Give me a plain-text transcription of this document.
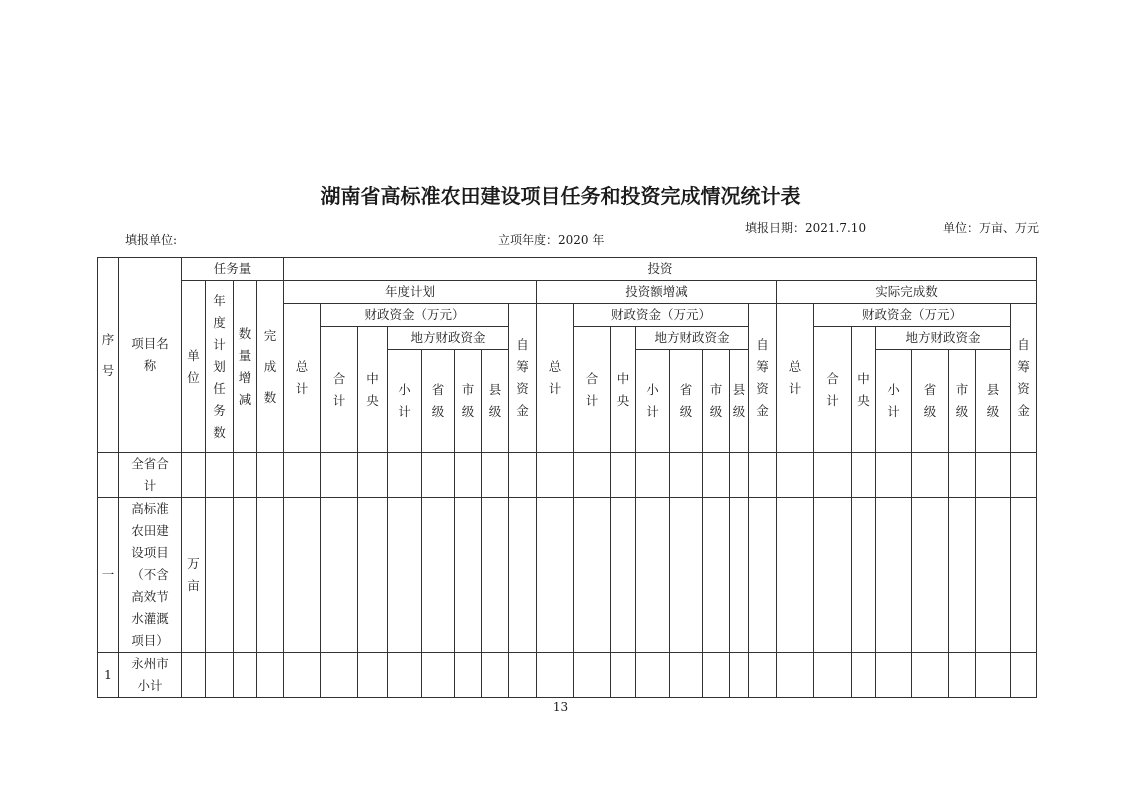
湖南省高标准农田建设项目任务和投资完成情况统计表
填报单位:	立项年度：2020 年
填报日期：2021.7.10	单位：万亩、万元
序号	项目名称	任务量				投资																							
		单位	年度计划任务数	数量增减	完成数	年度计划								投资额增减								实际完成数							
						总计	财政资金（万元）						自筹资金	总计	财政资金（万元）						自筹资金	总计	财政资金（万元）						自筹资金
							合计	中央	地方财政资金						合计	中央	地方财政资金						合计	中央	地方财政资金				
									小计	省级	市级	县级					小计	省级	市级	县级					小计	省级	市级	县级	
	全省合计																												
一	高标准农田建设项目（不含高效节水灌溉项目）	万亩																											
1	永州市小计																												
13
